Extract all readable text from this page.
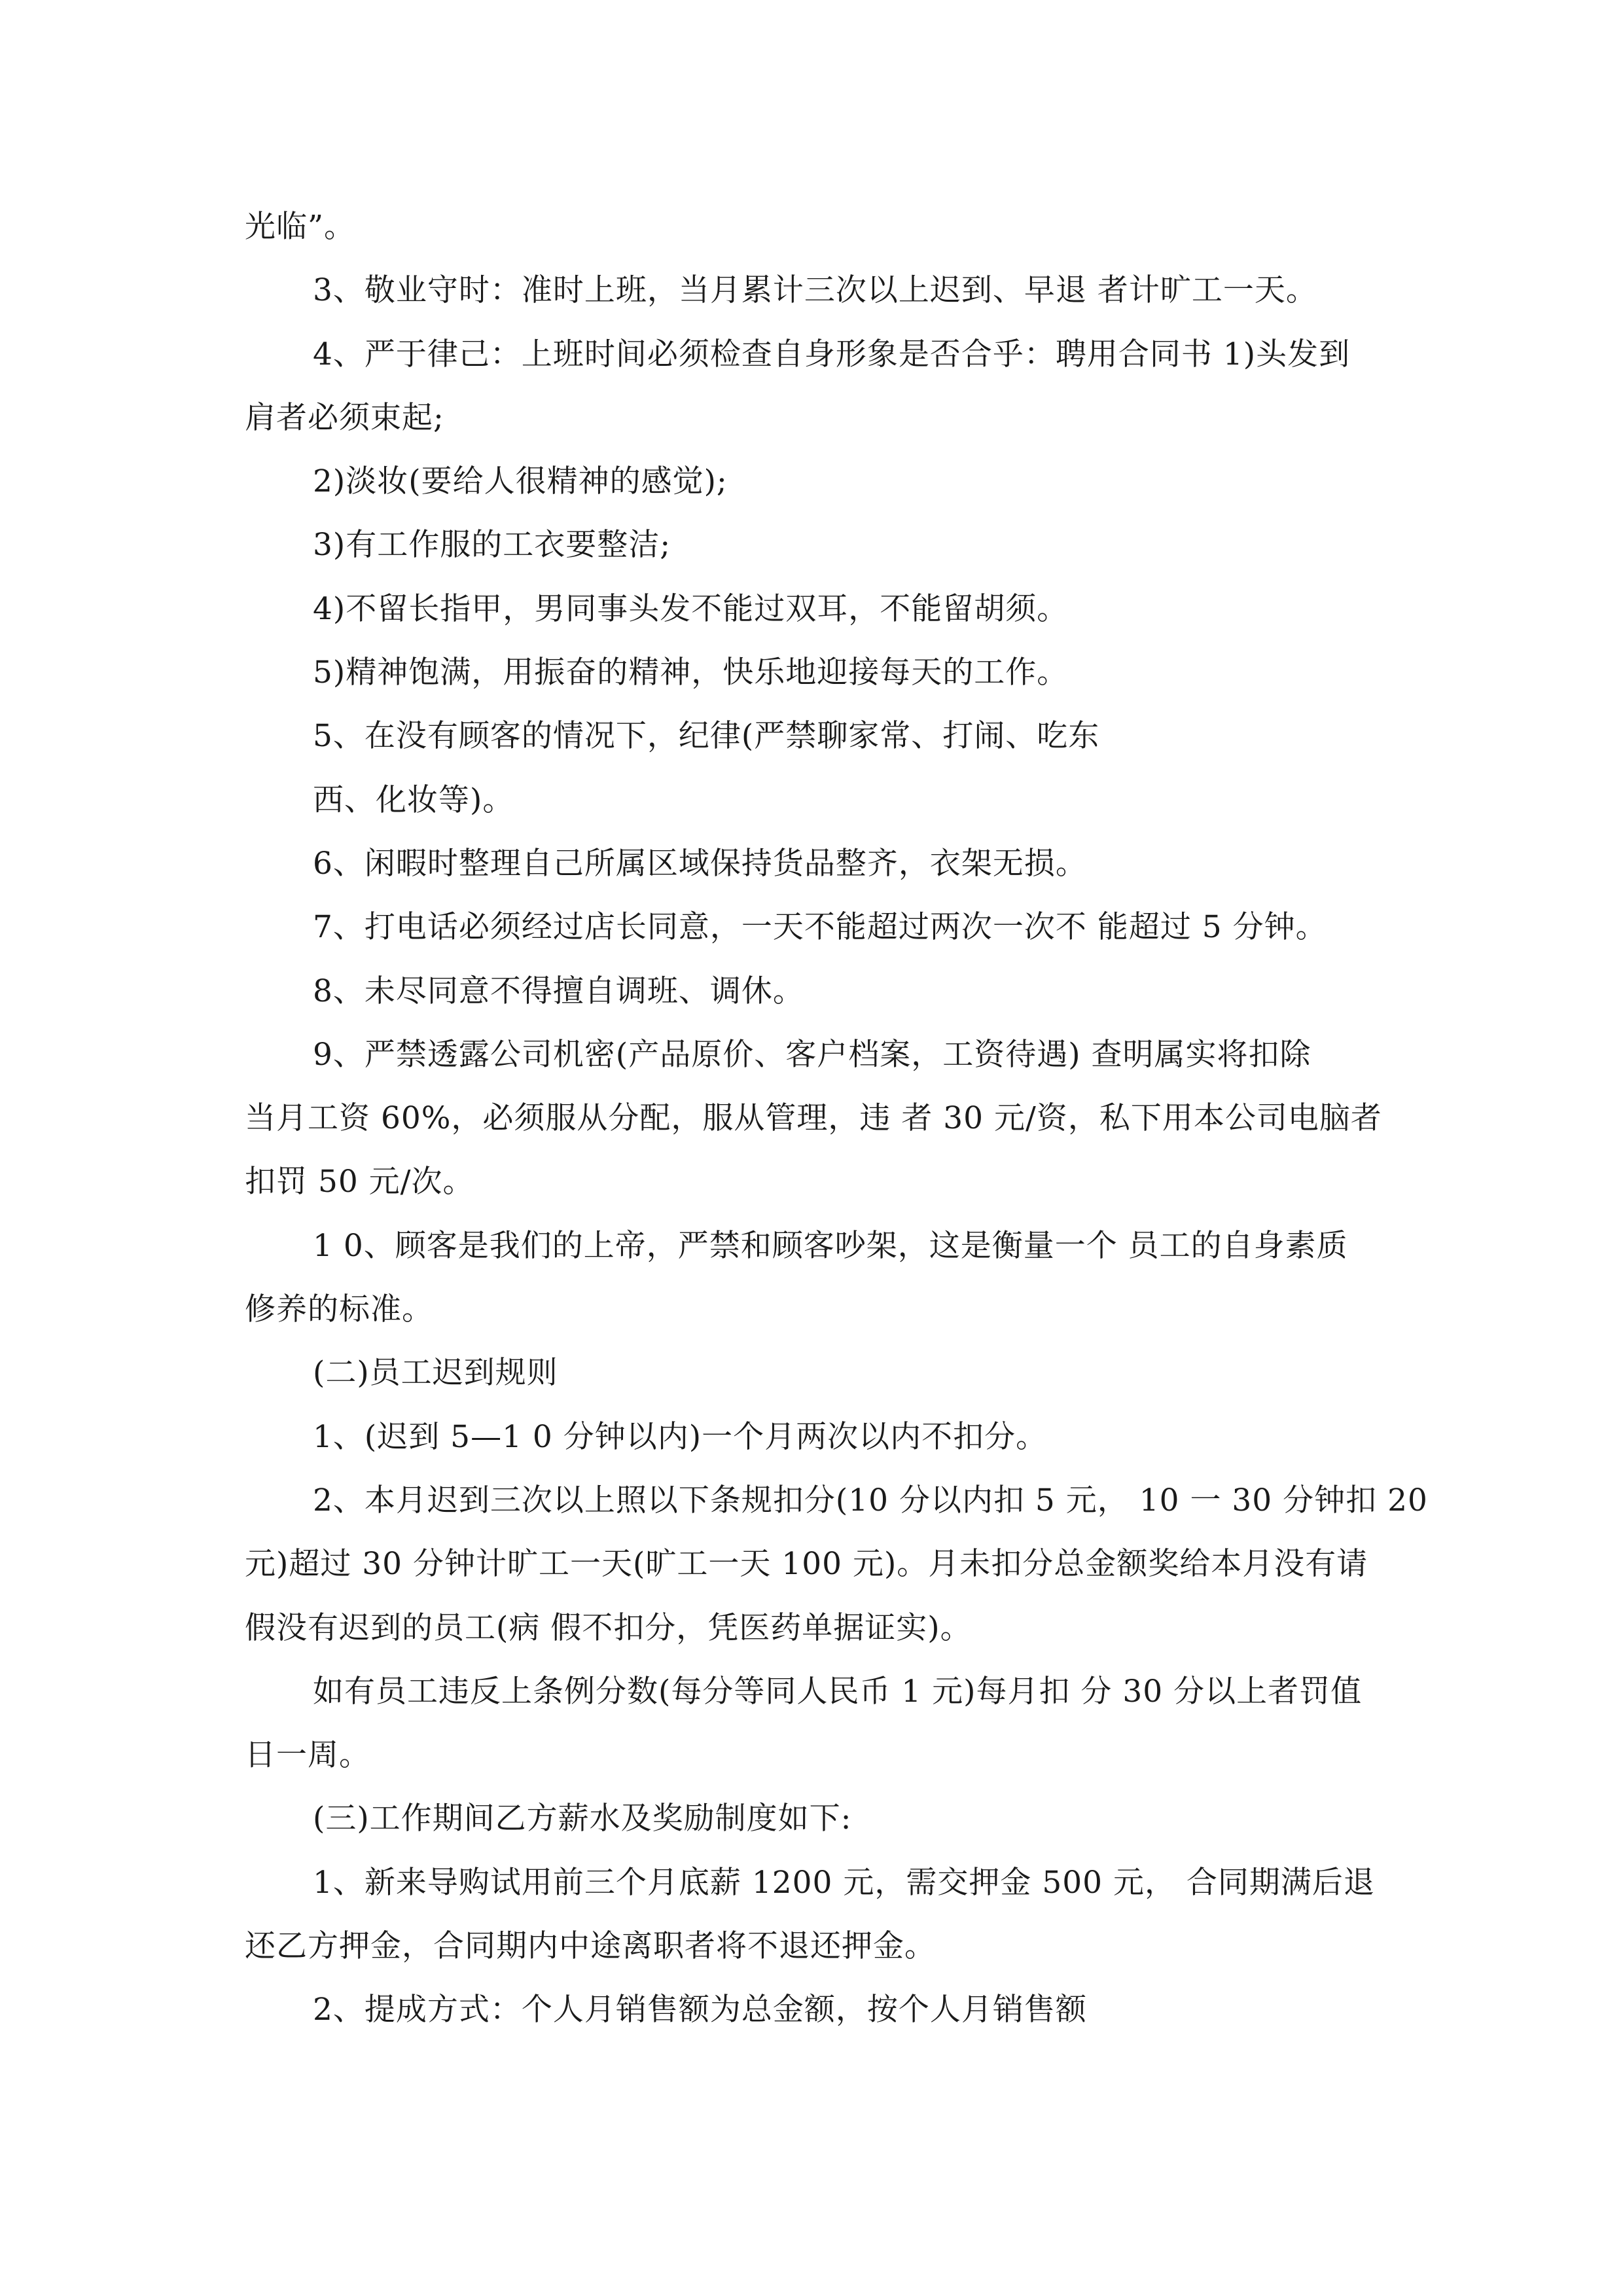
光临”。
3、敬业守时：准时上班，当月累计三次以上迟到、早退 者计旷工一天。
4、严于律己：上班时间必须检查自身形象是否合乎：聘用合同书 1)头发到
肩者必须束起;
2)淡妆(要给人很精神的感觉);
3)有工作服的工衣要整洁;
4)不留长指甲，男同事头发不能过双耳，不能留胡须。
5)精神饱满，用振奋的精神，快乐地迎接每天的工作。
5、在没有顾客的情况下，纪律(严禁聊家常、打闹、吃东
西、化妆等)。
6、闲暇时整理自己所属区域保持货品整齐，衣架无损。
7、打电话必须经过店长同意，一天不能超过两次一次不 能超过 5 分钟。
8、未尽同意不得擅自调班、调休。
9、严禁透露公司机密(产品原价、客户档案，工资待遇) 查明属实将扣除
当月工资 60%，必须服从分配，服从管理，违 者 30 元/资，私下用本公司电脑者
扣罚 50 元/次。
1 0、顾客是我们的上帝，严禁和顾客吵架，这是衡量一个 员工的自身素质
修养的标准。
(二)员工迟到规则
1、(迟到 5—1 0 分钟以内)一个月两次以内不扣分。
2、本月迟到三次以上照以下条规扣分(10 分以内扣 5 元， 10 一 30 分钟扣 20
元)超过 30 分钟计旷工一天(旷工一天 100 元)。月未扣分总金额奖给本月没有请
假没有迟到的员工(病 假不扣分，凭医药单据证实)。
如有员工违反上条例分数(每分等同人民币 1 元)每月扣 分 30 分以上者罚值
日一周。
(三)工作期间乙方薪水及奖励制度如下:
1、新来导购试用前三个月底薪 1200 元，需交押金 500 元， 合同期满后退
还乙方押金，合同期内中途离职者将不退还押金。
2、提成方式：个人月销售额为总金额，按个人月销售额
